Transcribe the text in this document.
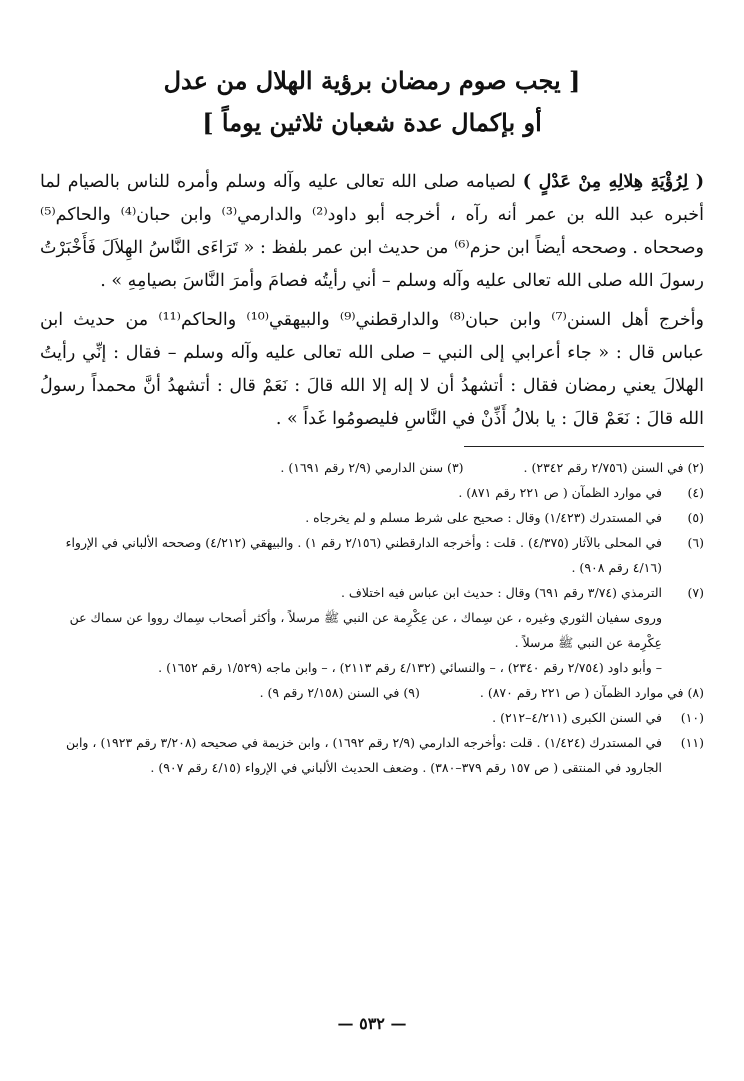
[ يجب صوم رمضان برؤية الهلال من عدل

أو بإكمال عدة شعبان ثلاثين يوماً ]

( لِرُؤْيَةِ هِلالِهِ مِنْ عَدْلٍ ) لصيامه صلى الله تعالى عليه وآله وسلم وأمره للناس بالصيام لما أخبره عبد الله بن عمر أنه رآه ، أخرجه أبو داود⁽²⁾ والدارمي⁽³⁾ وابن حبان⁽⁴⁾ والحاكم⁽⁵⁾ وصححاه . وصححه أيضاً ابن حزم⁽⁶⁾ من حديث ابن عمر بلفظ : « تَرَاءَى النَّاسُ الهِلاَلَ فَأَخْبَرْتُ رسولَ الله صلى الله تعالى عليه وآله وسلم – أني رأيتُه فصامَ وأمرَ النَّاسَ بصيامِهِ » .

وأخرج أهل السنن⁽⁷⁾ وابن حبان⁽⁸⁾ والدارقطني⁽⁹⁾ والبيهقي⁽¹⁰⁾ والحاكم⁽¹¹⁾ من حديث ابن عباس قال : « جاء أعرابي إلى النبي – صلى الله تعالى عليه وآله وسلم – فقال : إنِّي رأيتُ الهلالَ يعني رمضان فقال : أتشهدُ أن لا إله إلا الله قالَ : نَعَمْ قال : أتشهدُ أنَّ محمداً رسولُ الله قالَ : نَعَمْ قالَ : يا بلالُ أَذِّنْ في النَّاسِ فليصومُوا غَداً » .

(٢) في السنن (٢/٧٥٦ رقم ٢٣٤٢) .
(٣) سنن الدارمي (٢/٩ رقم ١٦٩١) .
(٤)
في موارد الظمآن ( ص ٢٢١ رقم ٨٧١) .
(٥)
في المستدرك (١/٤٢٣) وقال : صحيح على شرط مسلم و لم يخرجاه .
(٦)
في المحلى بالآثار (٤/٣٧٥) . قلت : وأخرجه الدارقطني (٢/١٥٦ رقم ١) . والبيهقي (٤/٢١٢) وصححه الألباني في الإرواء (٤/١٦ رقم ٩٠٨) .
(٧)
الترمذي (٣/٧٤ رقم ٦٩١) وقال : حديث ابن عباس فيه اختلاف .

وروى سفيان الثوري وغيره ، عن سِماك ، عن عِكْرِمة عن النبي ﷺ مرسلاً ، وأكثر أصحاب سِماك رووا عن سماك عن عِكْرِمة عن النبي ﷺ مرسلاً .

– وأبو داود (٢/٧٥٤ رقم ٢٣٤٠) ، – والنسائي (٤/١٣٢ رقم ٢١١٣) ، – وابن ماجه (١/٥٢٩ رقم ١٦٥٢) .

(٨) في موارد الظمآن ( ص ٢٢١ رقم ٨٧٠) .
(٩) في السنن (٢/١٥٨ رقم ٩) .
(١٠)
في السنن الكبرى (٤/٢١١–٢١٢) .
(١١)
في المستدرك (١/٤٢٤) . قلت :وأخرجه الدارمي (٢/٩ رقم ١٦٩٢) ، وابن خزيمة في صحيحه (٣/٢٠٨ رقم ١٩٢٣) ، وابن الجارود في المنتقى ( ص ١٥٧ رقم ٣٧٩–٣٨٠) . وضعف الحديث الألباني في الإرواء (٤/١٥ رقم ٩٠٧) .
— ٥٣٢ —
